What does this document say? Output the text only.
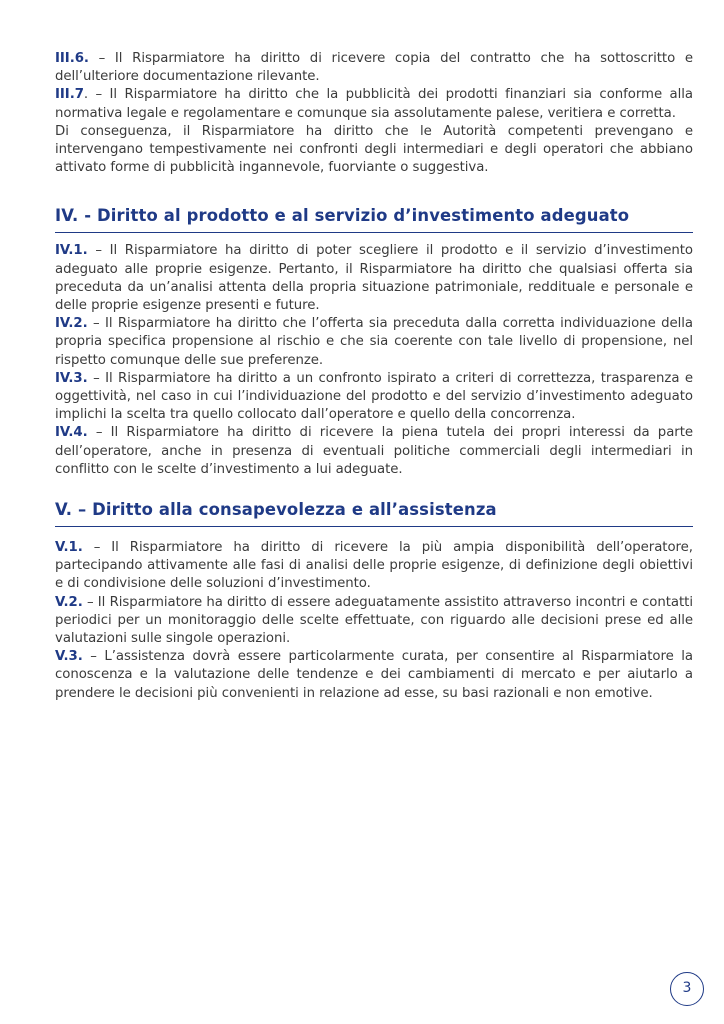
III.6. – Il Risparmiatore ha diritto di ricevere copia del contratto che ha sottoscritto e dell’ulteriore documentazione rilevante.

III.7. – Il Risparmiatore ha diritto che la pubblicità dei prodotti finanziari sia conforme alla normativa legale e regolamentare e comunque sia assolutamente palese, veritiera e corretta.

Di conseguenza, il Risparmiatore ha diritto che le Autorità competenti prevengano e intervengano tempestivamente nei confronti degli intermediari e degli operatori che abbiano attivato forme di pubblicità ingannevole, fuorviante o suggestiva.

IV. - Diritto al prodotto e al servizio d’investimento adeguato

IV.1. – Il Risparmiatore ha diritto di poter scegliere il prodotto e il servizio d’investimento adeguato alle proprie esigenze. Pertanto, il Risparmiatore ha diritto che qualsiasi offerta sia preceduta da un’analisi attenta della propria situazione patrimoniale, reddituale e personale e delle proprie esigenze presenti e future.

IV.2. – Il Risparmiatore ha diritto che l’offerta sia preceduta dalla corretta individuazione della propria specifica propensione al rischio e che sia coerente con tale livello di propensione, nel rispetto comunque delle sue preferenze.

IV.3. – Il Risparmiatore ha diritto a un confronto ispirato a criteri di correttezza, trasparenza e oggettività, nel caso in cui l’individuazione del prodotto e del servizio d’investimento adeguato implichi la scelta tra quello collocato dall’operatore e quello della concorrenza.

IV.4. – Il Risparmiatore ha diritto di ricevere la piena tutela dei propri interessi da parte dell’operatore, anche in presenza di eventuali politiche commerciali degli intermediari in conflitto con le scelte d’investimento a lui adeguate.

V. – Diritto alla consapevolezza e all’assistenza

V.1. – Il Risparmiatore ha diritto di ricevere la più ampia disponibilità dell’operatore, partecipando attivamente alle fasi di analisi delle proprie esigenze, di definizione degli obiettivi e di condivisione delle soluzioni d’investimento.

V.2. – Il Risparmiatore ha diritto di essere adeguatamente assistito attraverso incontri e contatti periodici per un monitoraggio delle scelte effettuate, con riguardo alle decisioni prese ed alle valutazioni sulle singole operazioni.

V.3. – L’assistenza dovrà essere particolarmente curata, per consentire al Risparmiatore la conoscenza e la valutazione delle tendenze e dei cambiamenti di mercato e per aiutarlo a prendere le decisioni più convenienti in relazione ad esse, su basi razionali e non emotive.

3
